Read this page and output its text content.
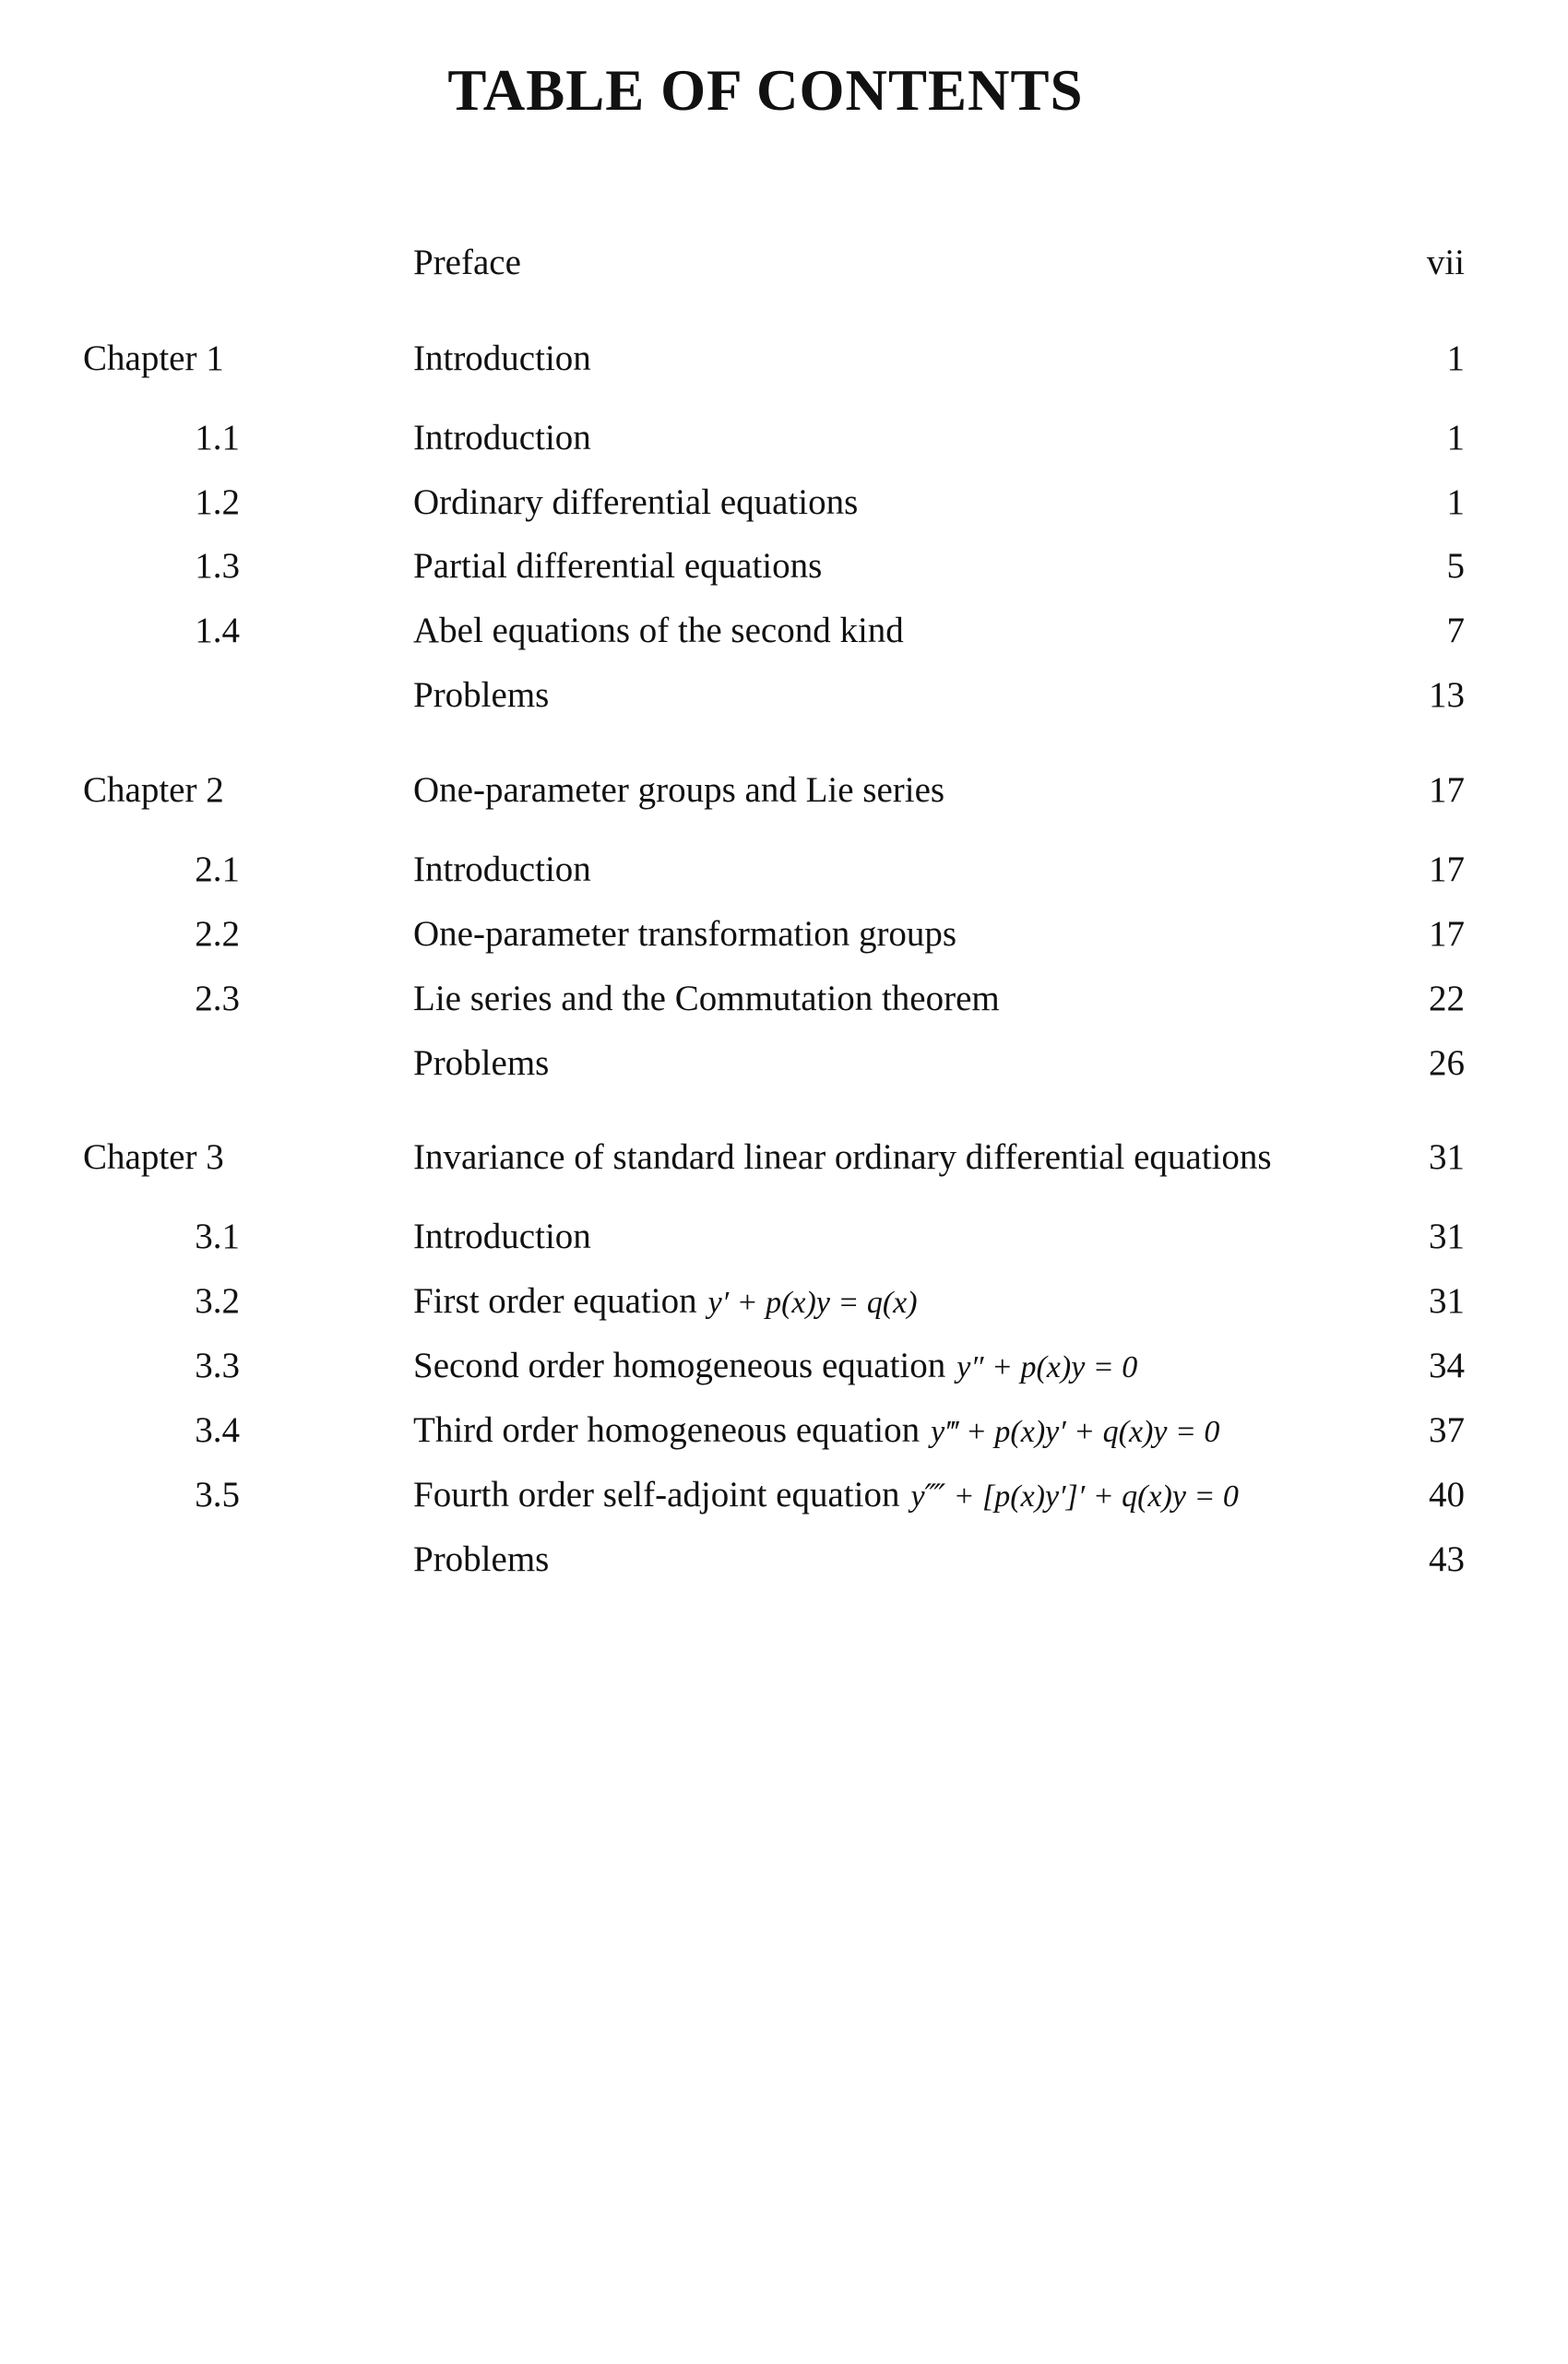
TABLE OF CONTENTS
Preface	vii
Chapter 1	Introduction	1
1.1	Introduction	1
1.2	Ordinary differential equations	1
1.3	Partial differential equations	5
1.4	Abel equations of the second kind	7
Problems	13
Chapter 2	One-parameter groups and Lie series	17
2.1	Introduction	17
2.2	One-parameter transformation groups	17
2.3	Lie series and the Commutation theorem	22
Problems	26
Chapter 3	Invariance of standard linear ordinary differential equations	31
3.1	Introduction	31
3.2	First order equation y′ + p(x)y = q(x)	31
3.3	Second order homogeneous equation y″ + p(x)y = 0	34
3.4	Third order homogeneous equation y‴ + p(x)y′ + q(x)y = 0	37
3.5	Fourth order self-adjoint equation y⁗ + [p(x)y′]′ + q(x)y = 0	40
Problems	43
